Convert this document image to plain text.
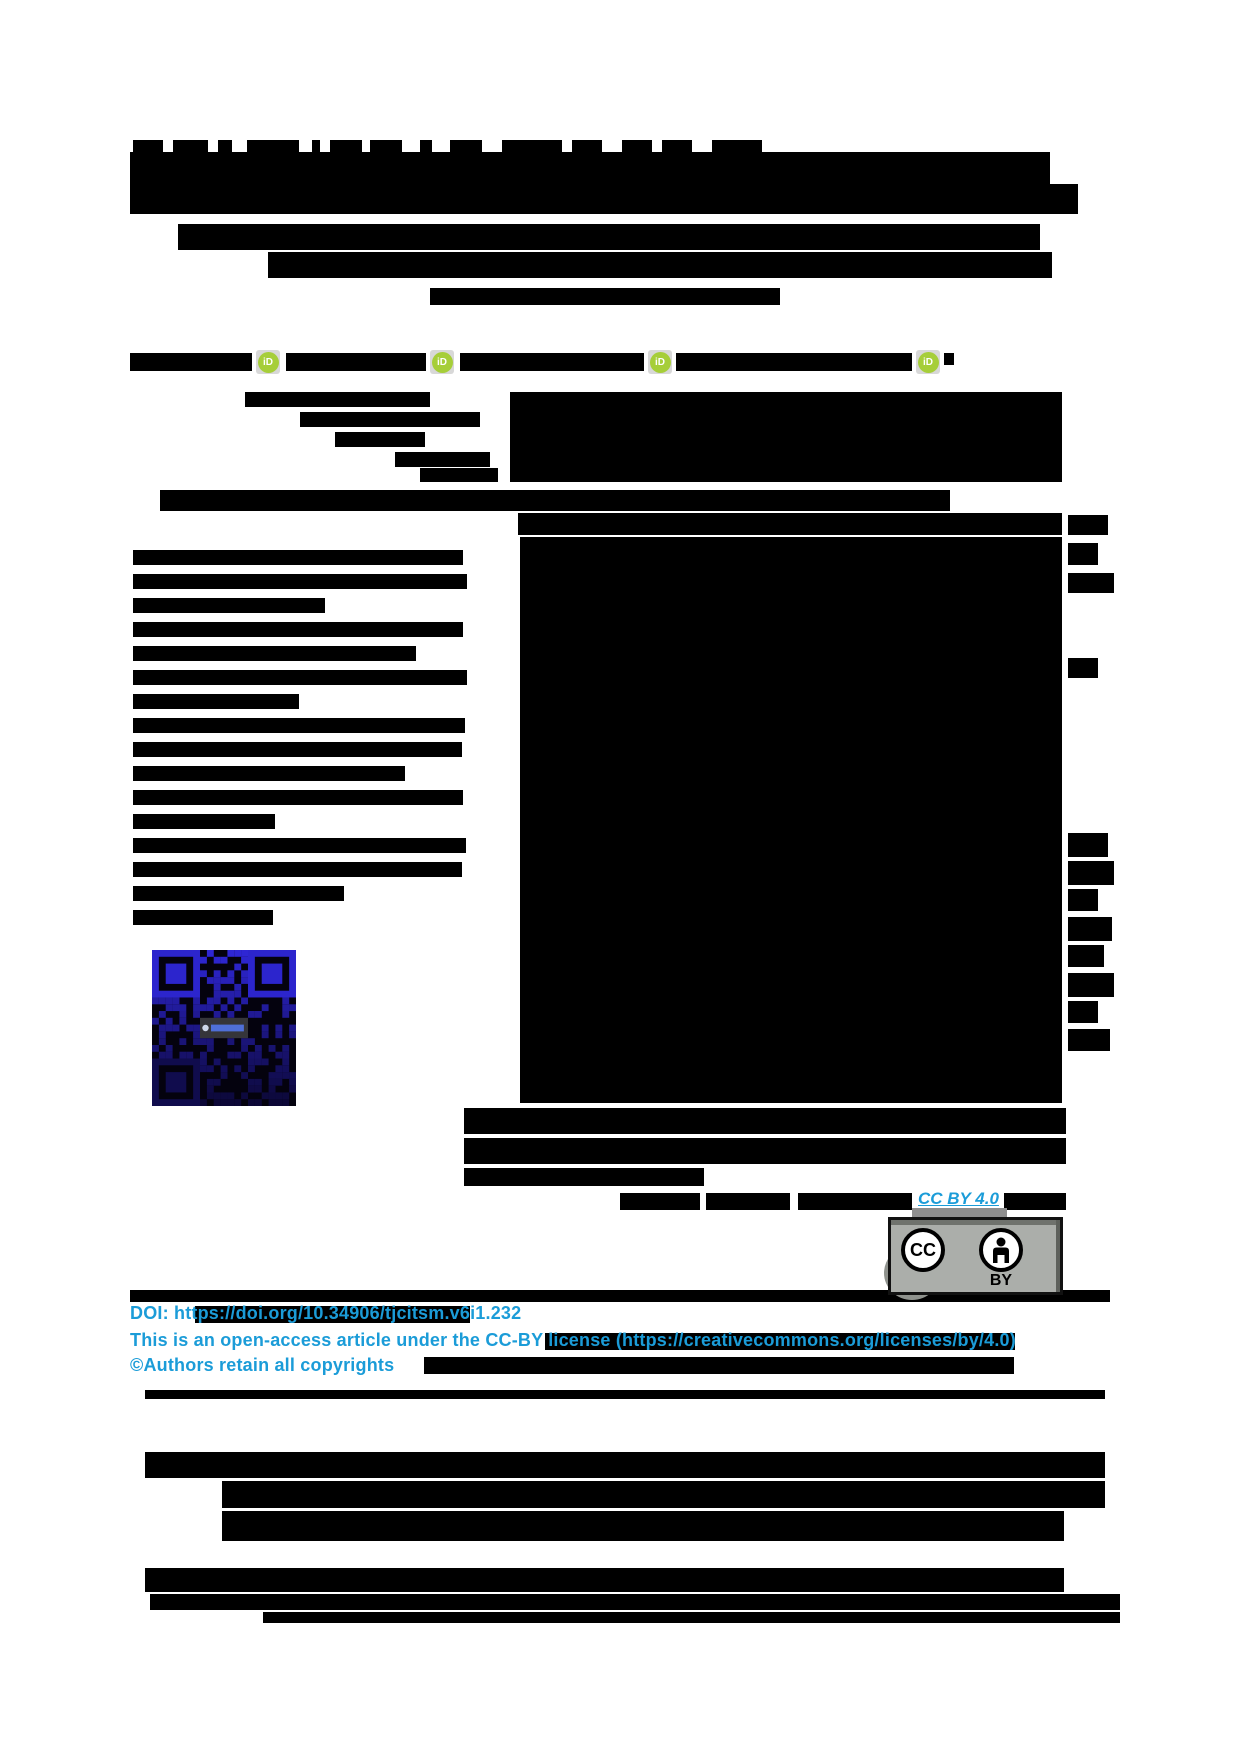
iD	iD	iD	iD
CC BY 4.0
CC
BY
DOI: https://doi.org/10.34906/tjcitsm.v6i1.232
This is an open-access article under the CC-BY license (https://creativecommons.org/licenses/by/4.0)
©Authors retain all copyrights
